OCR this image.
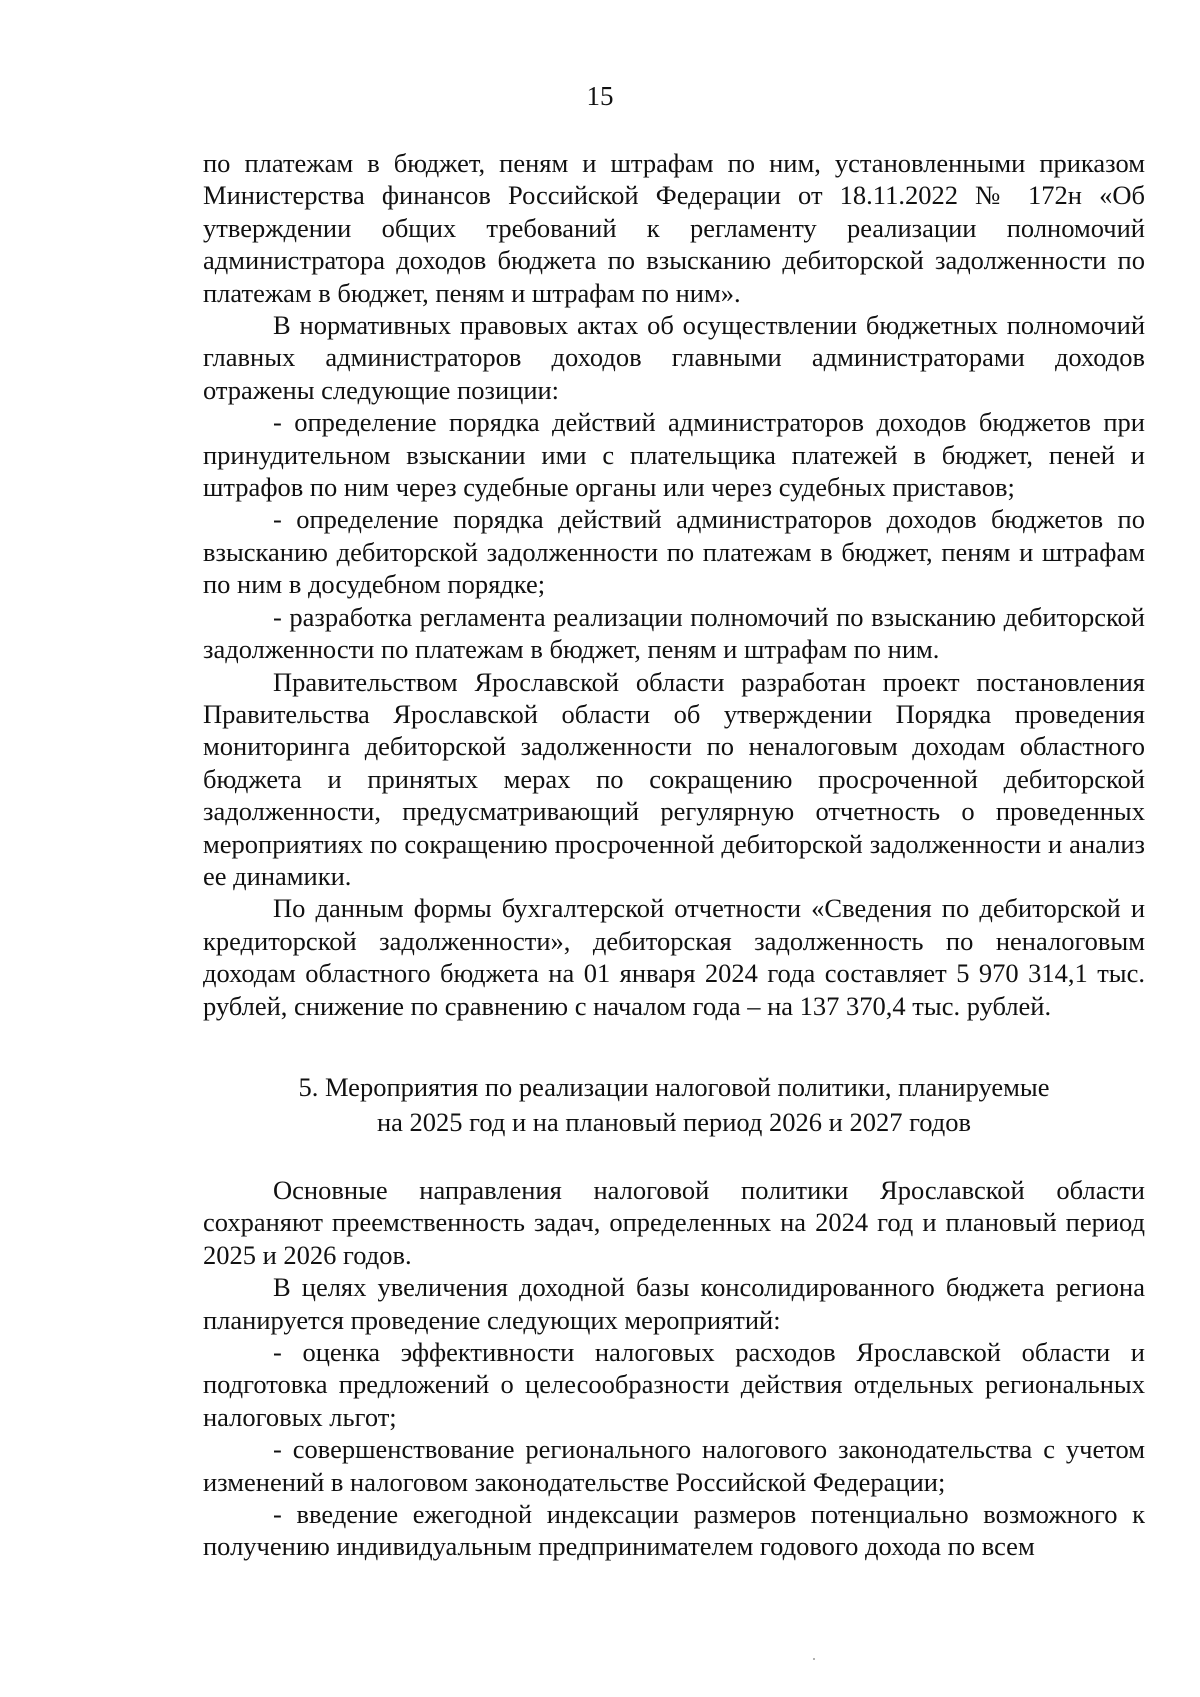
15

по платежам в бюджет, пеням и штрафам по ним, установленными приказом Министерства финансов Российской Федерации от 18.11.2022 № 172н «Об утверждении общих требований к регламенту реализации полномочий администратора доходов бюджета по взысканию дебиторской задолженности по платежам в бюджет, пеням и штрафам по ним».

В нормативных правовых актах об осуществлении бюджетных полномочий главных администраторов доходов главными администраторами доходов отражены следующие позиции:

- определение порядка действий администраторов доходов бюджетов при принудительном взыскании ими с плательщика платежей в бюджет, пеней и штрафов по ним через судебные органы или через судебных приставов;

- определение порядка действий администраторов доходов бюджетов по взысканию дебиторской задолженности по платежам в бюджет, пеням и штрафам по ним в досудебном порядке;

- разработка регламента реализации полномочий по взысканию дебиторской задолженности по платежам в бюджет, пеням и штрафам по ним.

Правительством Ярославской области разработан проект постановления Правительства Ярославской области об утверждении Порядка проведения мониторинга дебиторской задолженности по неналоговым доходам областного бюджета и принятых мерах по сокращению просроченной дебиторской задолженности, предусматривающий регулярную отчетность о проведенных мероприятиях по сокращению просроченной дебиторской задолженности и анализ ее динамики.

По данным формы бухгалтерской отчетности «Сведения по дебиторской и кредиторской задолженности», дебиторская задолженность по неналоговым доходам областного бюджета на 01 января 2024 года составляет 5 970 314,1 тыс. рублей, снижение по сравнению с началом года – на 137 370,4 тыс. рублей.

5. Мероприятия по реализации налоговой политики, планируемые

на 2025 год и на плановый период 2026 и 2027 годов

Основные направления налоговой политики Ярославской области сохраняют преемственность задач, определенных на 2024 год и плановый период 2025 и 2026 годов.

В целях увеличения доходной базы консолидированного бюджета региона планируется проведение следующих мероприятий:

- оценка эффективности налоговых расходов Ярославской области и подготовка предложений о целесообразности действия отдельных региональных налоговых льгот;

- совершенствование регионального налогового законодательства с учетом изменений в налоговом законодательстве Российской Федерации;

- введение ежегодной индексации размеров потенциально возможного к получению индивидуальным предпринимателем годового дохода по всем
